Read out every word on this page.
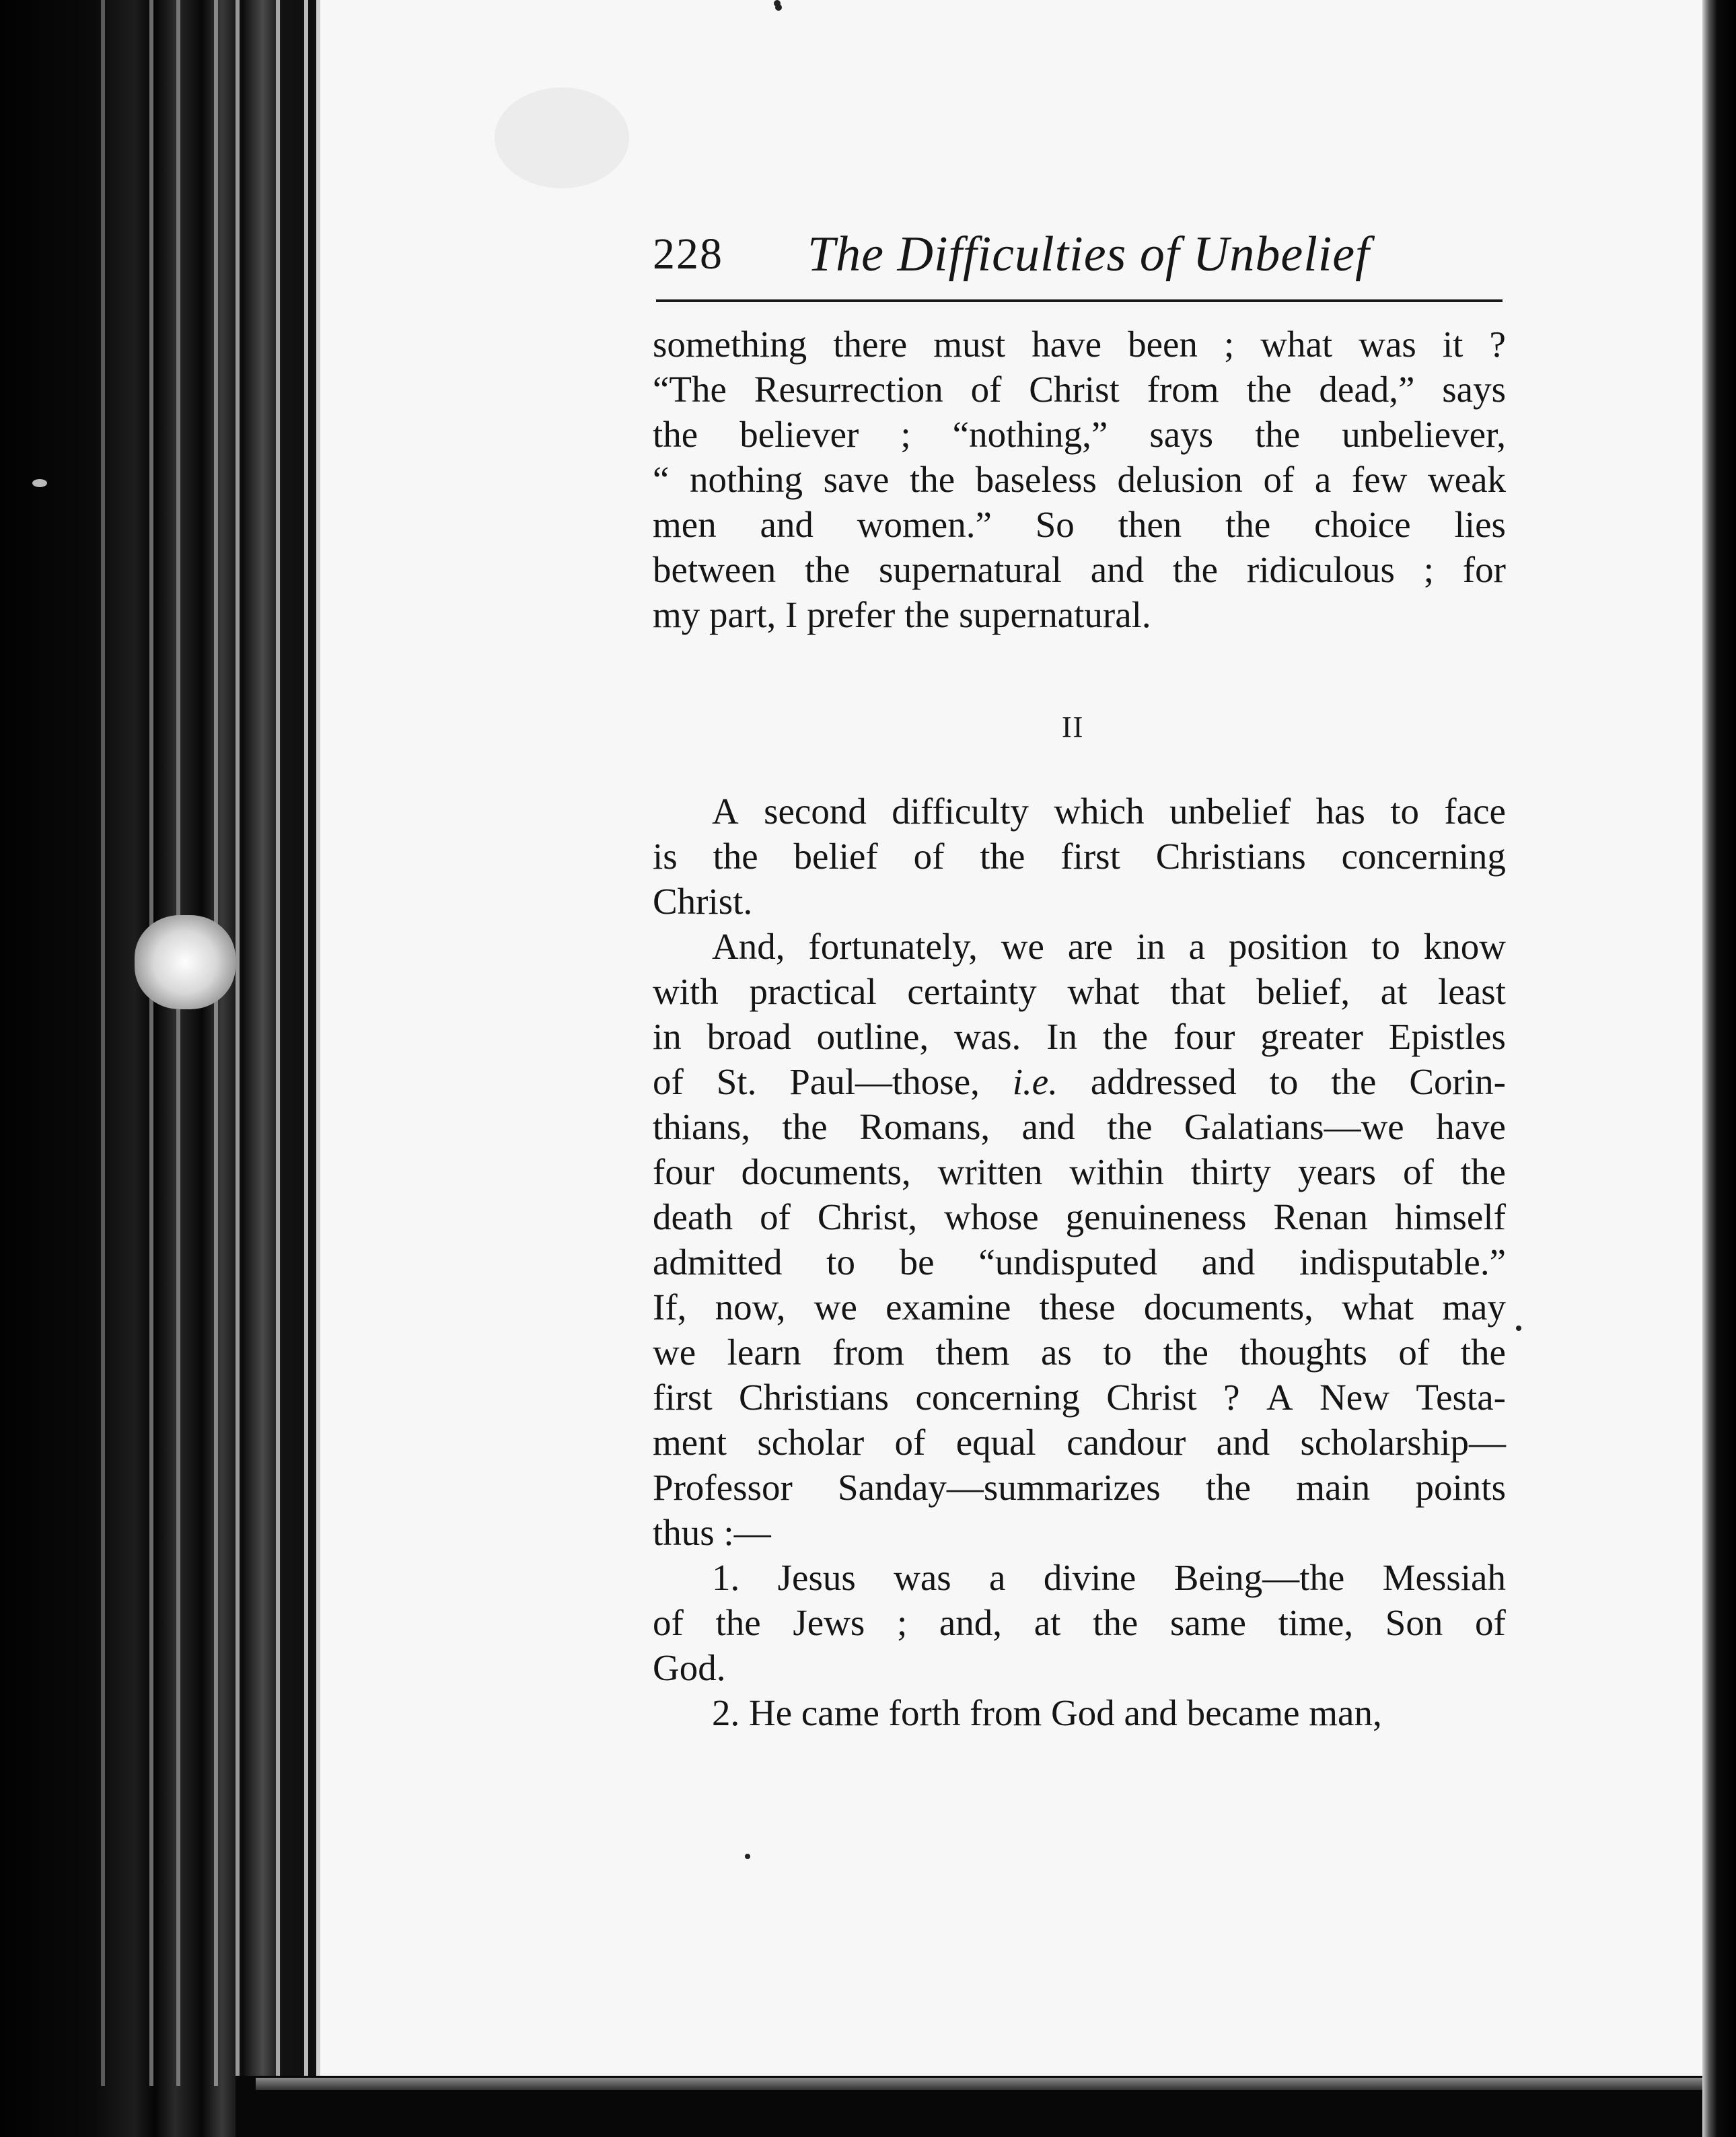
228 The Difficulties of Unbelief
something there must have been ; what was it ?
“The Resurrection of Christ from the dead,” says
the believer ; “nothing,” says the unbeliever,
“ nothing save the baseless delusion of a few weak
men and women.” So then the choice lies
between the supernatural and the ridiculous ; for
my part, I prefer the supernatural.
A second difficulty which unbelief has to face
is the belief of the first Christians concerning
Christ.
And, fortunately, we are in a position to know
with practical certainty what that belief, at least
in broad outline, was. In the four greater Epistles
of St. Paul—those, i.e. addressed to the Corin-
thians, the Romans, and the Galatians—we have
four documents, written within thirty years of the
death of Christ, whose genuineness Renan himself
admitted to be “undisputed and indisputable.”
If, now, we examine these documents, what may
we learn from them as to the thoughts of the
first Christians concerning Christ ? A New Testa-
ment scholar of equal candour and scholarship—
Professor Sanday—summarizes the main points
thus :—
1. Jesus was a divine Being—the Messiah
of the Jews ; and, at the same time, Son of
God.
2. He came forth from God and became man,
II
